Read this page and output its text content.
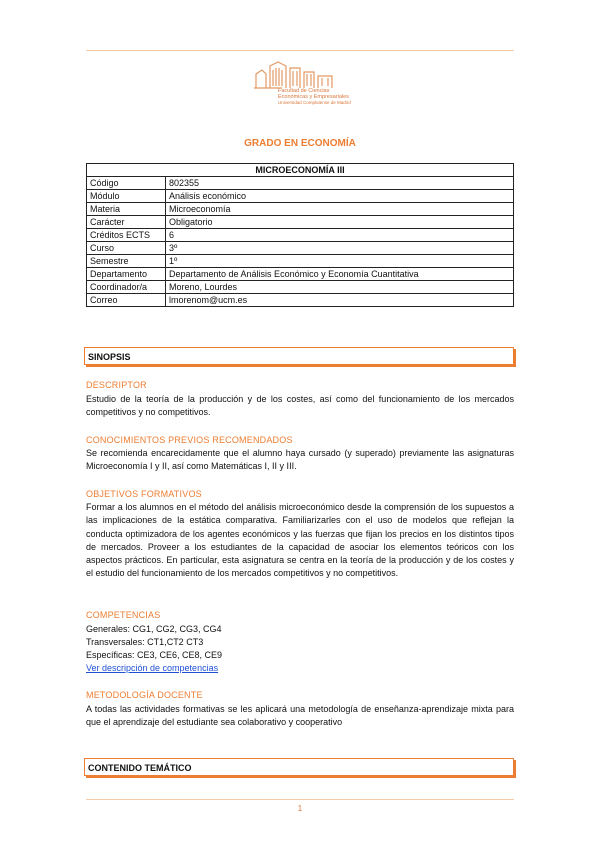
Facultad de Ciencias
Económicas y Empresariales
Universidad Complutense de Madrid
GRADO EN ECONOMÍA
MICROECONOMÍA III	
Código	802355
Módulo	Análisis económico
Materia	Microeconomía
Carácter	Obligatorio
Créditos ECTS	6
Curso	3º
Semestre	1º
Departamento	Departamento de Análisis Económico y Economía Cuantitativa
Coordinador/a	Moreno, Lourdes
Correo	lmorenom@ucm.es
SINOPSIS
DESCRIPTOR

Estudio de la teoría de la producción y de los costes, así como del funcionamiento de los mercados competitivos y no competitivos.

CONOCIMIENTOS PREVIOS RECOMENDADOS

Se recomienda encarecidamente que el alumno haya cursado (y superado) previamente las asignaturas Microeconomía I y II, así como Matemáticas I, II y III.

OBJETIVOS FORMATIVOS

Formar a los alumnos en el método del análisis microeconómico desde la comprensión de los supuestos a las implicaciones de la estática comparativa. Familiarizarles con el uso de modelos que reflejan la conducta optimizadora de los agentes económicos y las fuerzas que fijan los precios en los distintos tipos de mercados. Proveer a los estudiantes de la capacidad de asociar los elementos teóricos con los aspectos prácticos. En particular, esta asignatura se centra en la teoría de la producción y de los costes y el estudio del funcionamiento de los mercados competitivos y no competitivos.

COMPETENCIAS
Generales: CG1, CG2, CG3, CG4
Transversales: CT1,CT2 CT3
Específicas: CE3, CE6, CE8, CE9
Ver descripción de competencias
METODOLOGÍA DOCENTE

A todas las actividades formativas se les aplicará una metodología de enseñanza-aprendizaje mixta para que el aprendizaje del estudiante sea colaborativo y cooperativo

CONTENIDO TEMÁTICO
1
